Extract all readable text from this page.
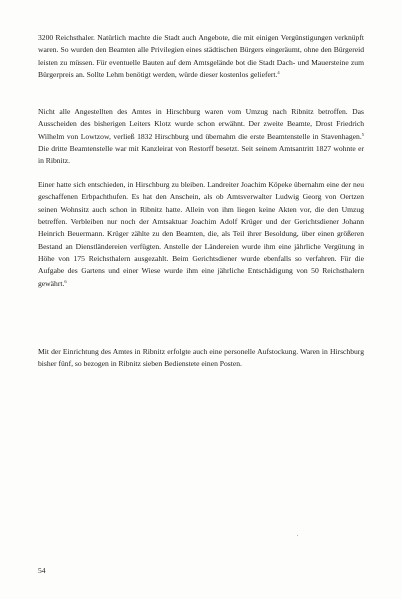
3200 Reichsthaler. Natürlich machte die Stadt auch Angebote, die mit einigen Vergünstigungen verknüpft waren. So wurden den Beamten alle Privilegien eines städtischen Bürgers eingeräumt, ohne den Bürgereid leisten zu müssen. Für eventuelle Bauten auf dem Amtsgelände bot die Stadt Dach- und Mauersteine zum Bürgerpreis an. Sollte Lehm benötigt werden, würde dieser kostenlos geliefert.$^4$

Nicht alle Angestellten des Amtes in Hirschburg waren vom Umzug nach Ribnitz betroffen. Das Ausscheiden des bisherigen Leiters Klotz wurde schon erwähnt. Der zweite Beamte, Drost Friedrich Wilhelm von Lowtzow, verließ 1832 Hirschburg und übernahm die erste Beamtenstelle in Stavenhagen.$^5$ Die dritte Beamtenstelle war mit Kanzleirat von Restorff besetzt. Seit seinem Amtsantritt 1827 wohnte er in Ribnitz.

Einer hatte sich entschieden, in Hirschburg zu bleiben. Landreiter Joachim Köpeke übernahm eine der neu geschaffenen Erbpachthufen. Es hat den Anschein, als ob Amtsverwalter Ludwig Georg von Oertzen seinen Wohnsitz auch schon in Ribnitz hatte. Allein von ihm liegen keine Akten vor, die den Umzug betreffen. Verbleiben nur noch der Amtsaktuar Joachim Adolf Krüger und der Gerichtsdiener Johann Heinrich Beuermann. Krüger zählte zu den Beamten, die, als Teil ihrer Besoldung, über einen größeren Bestand an Dienstländereien verfügten. Anstelle der Ländereien wurde ihm eine jährliche Vergütung in Höhe von 175 Reichsthalern ausgezahlt. Beim Gerichtsdiener wurde ebenfalls so verfahren. Für die Aufgabe des Gartens und einer Wiese wurde ihm eine jährliche Entschädigung von 50 Reichsthalern gewährt.$^6$

Mit der Einrichtung des Amtes in Ribnitz erfolgte auch eine personelle Aufstockung. Waren in Hirschburg bisher fünf, so bezogen in Ribnitz sieben Bedienstete einen Posten.

54
